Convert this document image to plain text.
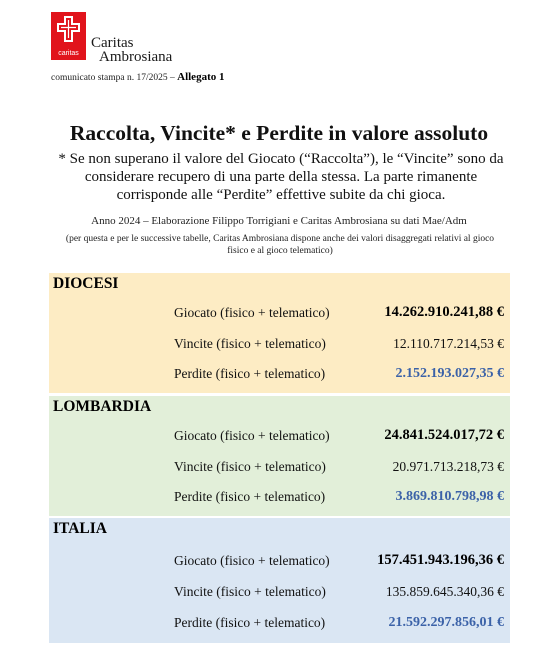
caritas
Caritas
Ambrosiana
comunicato stampa n. 17/2025 – Allegato 1
Raccolta, Vincite* e Perdite in valore assoluto
* Se non superano il valore del Giocato (“Raccolta”), le “Vincite” sono da considerare recupero di una parte della stessa. La parte rimanente corrisponde alle “Perdite” effettive subite da chi gioca.
Anno 2024 – Elaborazione Filippo Torrigiani e Caritas Ambrosiana su dati Mae/Adm
(per questa e per le successive tabelle, Caritas Ambrosiana dispone anche dei valori disaggregati relativi al gioco fisico e al gioco telematico)
DIOCESI
Giocato (fisico + telematico)	14.262.910.241,88 €
Vincite (fisico + telematico)	12.110.717.214,53 €
Perdite (fisico + telematico)	2.152.193.027,35 €
LOMBARDIA
Giocato (fisico + telematico)	24.841.524.017,72 €
Vincite (fisico + telematico)	20.971.713.218,73 €
Perdite (fisico + telematico)	3.869.810.798,98 €
ITALIA
Giocato (fisico + telematico)	157.451.943.196,36 €
Vincite (fisico + telematico)	135.859.645.340,36 €
Perdite (fisico + telematico)	21.592.297.856,01 €
